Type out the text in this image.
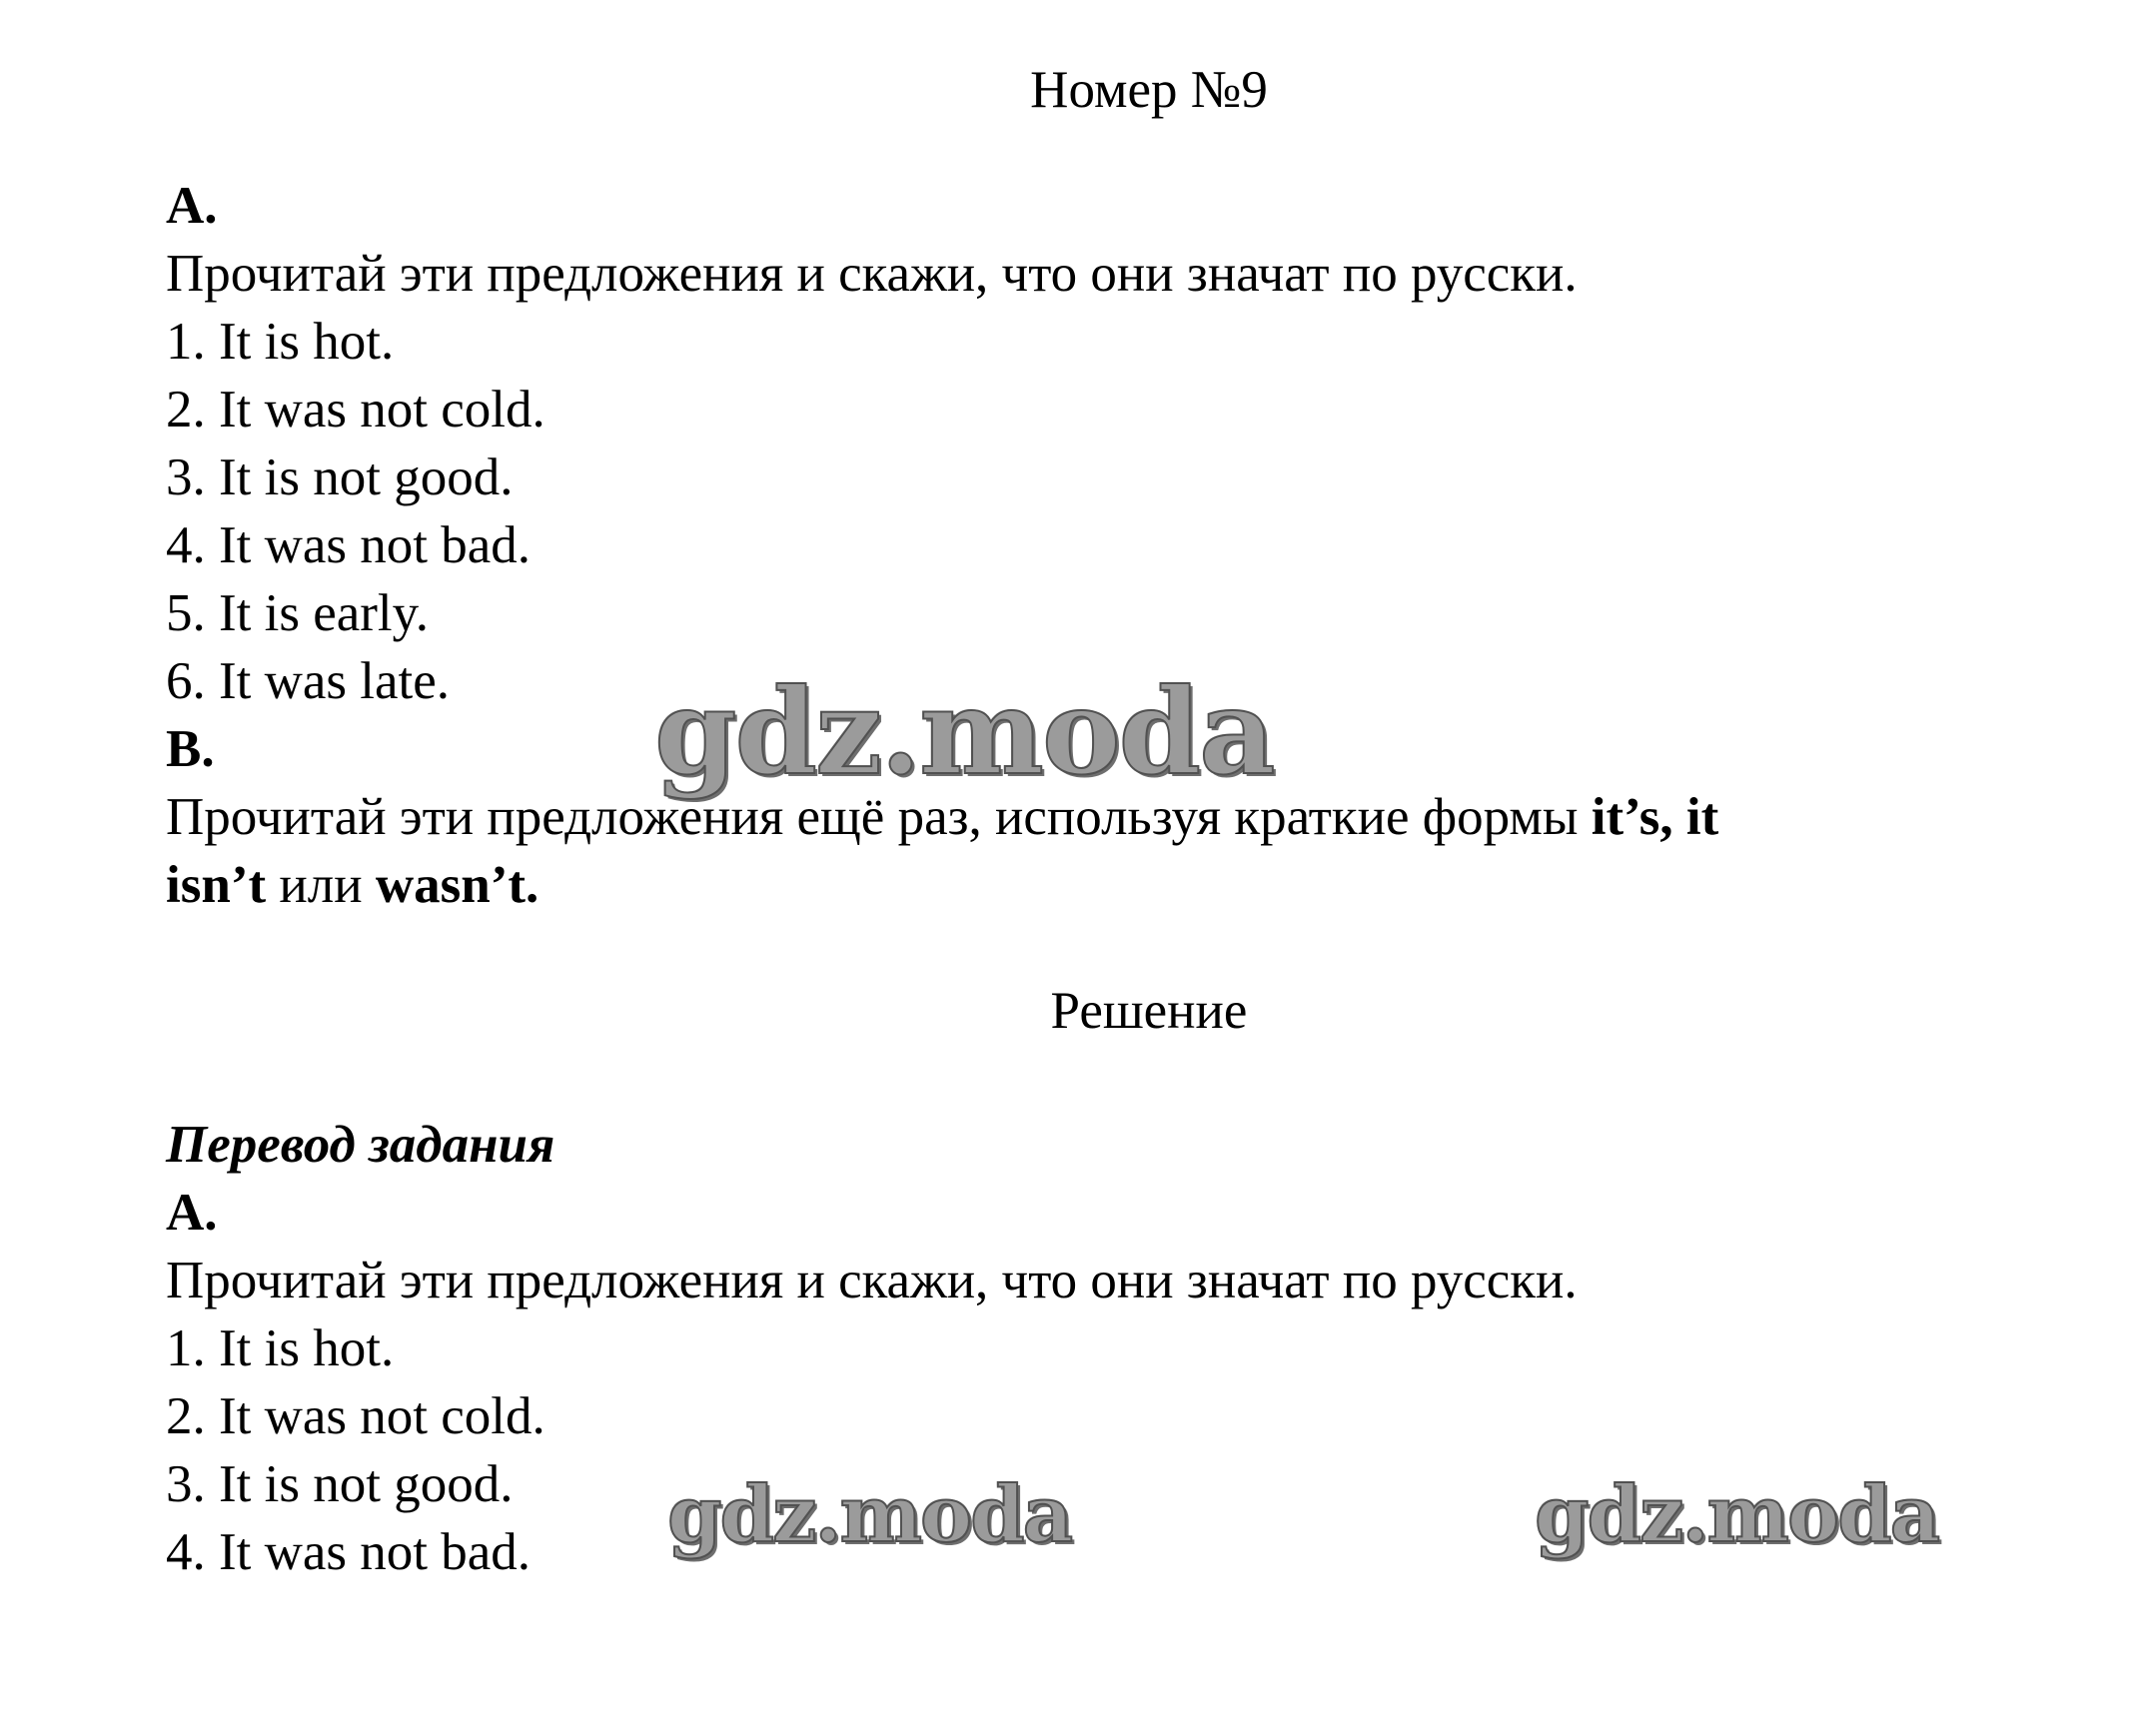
Номер №9
A.
Прочитай эти предложения и скажи, что они значат по русски.
1. It is hot.
2. It was not cold.
3. It is not good.
4. It was not bad.
5. It is early.
6. It was late.
B.
Прочитай эти предложения ещё раз, используя краткие формы it’s, it
isn’t или wasn’t.
Решение
Перевод задания
A.
Прочитай эти предложения и скажи, что они значат по русски.
1. It is hot.
2. It was not cold.
3. It is not good.
4. It was not bad.
gdz.moda
gdz.moda	gdz.moda
